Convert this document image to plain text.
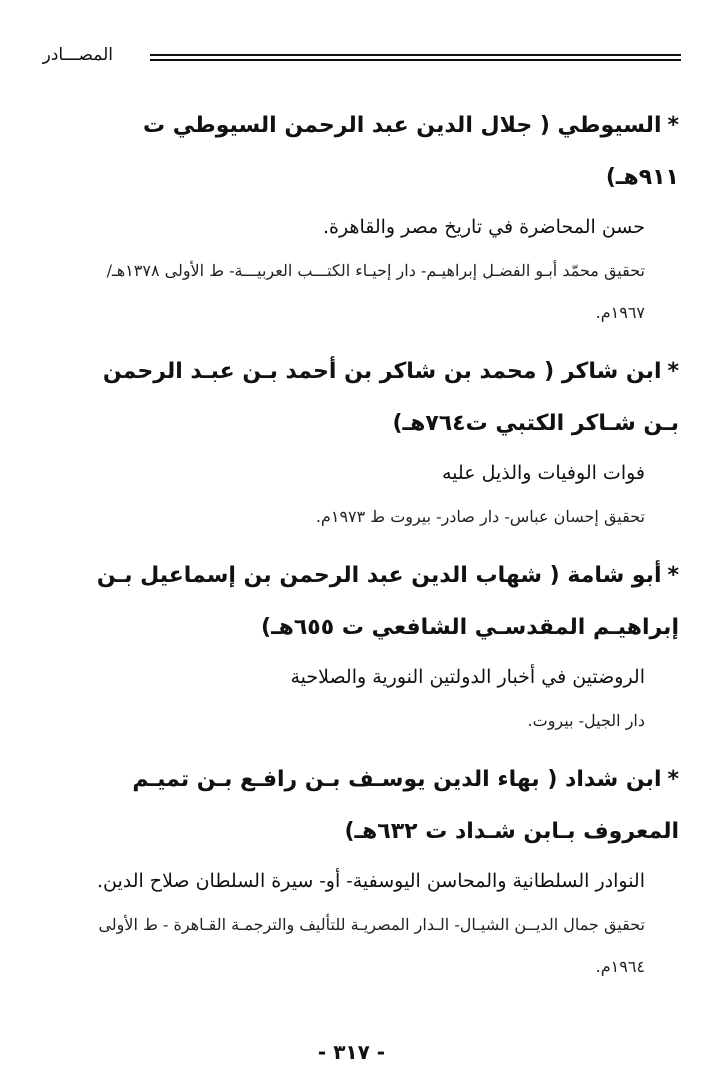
المصـــادر

*السيوطي ( جلال الدين عبد الرحمن السيوطي ت ٩١١هـ)

حسن المحاضرة في تاريخ مصر والقاهرة.

تحقيق محمّد أبـو الفضـل إبراهيـم- دار إحيـاء الكتـــب العربيـــة- ط الأولى ١٣٧٨هـ/١٩٦٧م.

*ابن شاكر ( محمد بن شاكر بن أحمد بـن عبـد الرحمن بـن شـاكر الكتبي ت٧٦٤هـ)

فوات الوفيات والذيل عليه

تحقيق إحسان عباس- دار صادر- بيروت ط ١٩٧٣م.

*أبو شامة ( شهاب الدين عبد الرحمن بن إسماعيل بـن إبراهيـم المقدسـي الشافعي ت ٦٥٥هـ)

الروضتين في أخبار الدولتين النورية والصلاحية

دار الجيل- بيروت.

*ابن شداد ( بهاء الدين يوسـف بـن رافـع بـن تميـم المعروف بـابن شـداد ت ٦٣٢هـ)

النوادر السلطانية والمحاسن اليوسفية- أو- سيرة السلطان صلاح الدين.

تحقيق جمال الديــن الشيـال- الـدار المصريـة للتأليف والترجمـة القـاهرة - ط الأولى ١٩٦٤م.

- ٣١٧ -
